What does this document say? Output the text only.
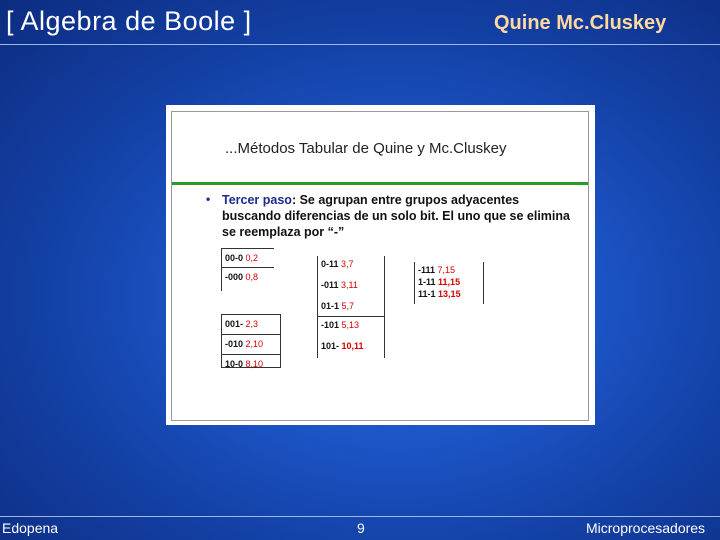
[ Algebra de Boole ]	Quine Mc.Cluskey
...Métodos Tabular de Quine y Mc.Cluskey
• Tercer paso: Se agrupan entre grupos adyacentes buscando diferencias de un solo bit. El uno que se elimina se reemplaza por “-”
00-0 0,2
-000 0,8
001- 2,3
-010 2,10
10-0 8,10
0-11 3,7
-011 3,11
01-1 5,7
-101 5,13
101- 10,11
-111 7,15
1-11 11,15
11-1 13,15
Edopena	9	Microprocesadores
